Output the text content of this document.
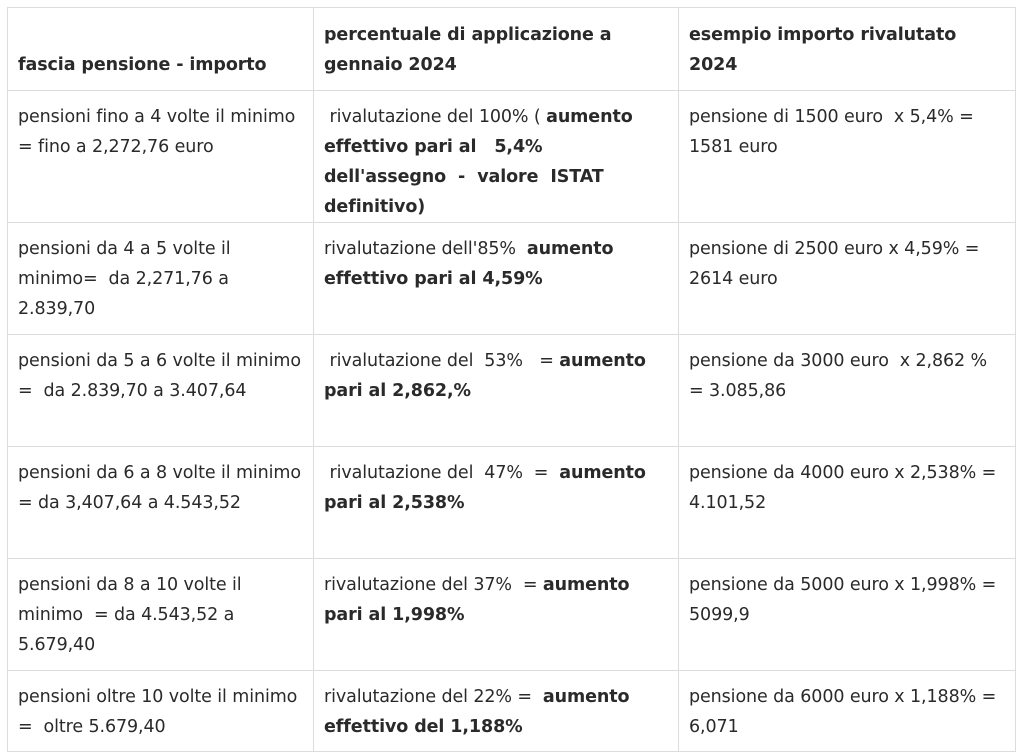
fascia pensione - importo	percentuale di applicazione a gennaio 2024	esempio importo rivalutato 2024
pensioni fino a 4 volte il minimo = fino a 2,272,76 euro	rivalutazione del 100% ( aumento effettivo pari al   5,4%  dell'assegno  -  valore  ISTAT definitivo)	pensione di 1500 euro  x 5,4% = 1581 euro
pensioni da 4 a 5 volte il minimo=  da 2,271,76 a 2.839,70	rivalutazione dell'85%  aumento  effettivo pari al 4,59%	pensione di 2500 euro x 4,59% = 2614 euro
pensioni da 5 a 6 volte il minimo =  da 2.839,70 a 3.407,64	rivalutazione del  53%   = aumento pari al 2,862,%	pensione da 3000 euro  x 2,862 % = 3.085,86
pensioni da 6 a 8 volte il minimo = da 3,407,64 a 4.543,52	rivalutazione del  47%  =  aumento pari al 2,538%	pensione da 4000 euro x 2,538% = 4.101,52
pensioni da 8 a 10 volte il minimo  = da 4.543,52 a 5.679,40	rivalutazione del 37%  = aumento pari al 1,998%	pensione da 5000 euro x 1,998% = 5099,9
pensioni oltre 10 volte il minimo =  oltre 5.679,40	rivalutazione del 22% =  aumento effettivo del 1,188%	pensione da 6000 euro x 1,188% = 6,071
